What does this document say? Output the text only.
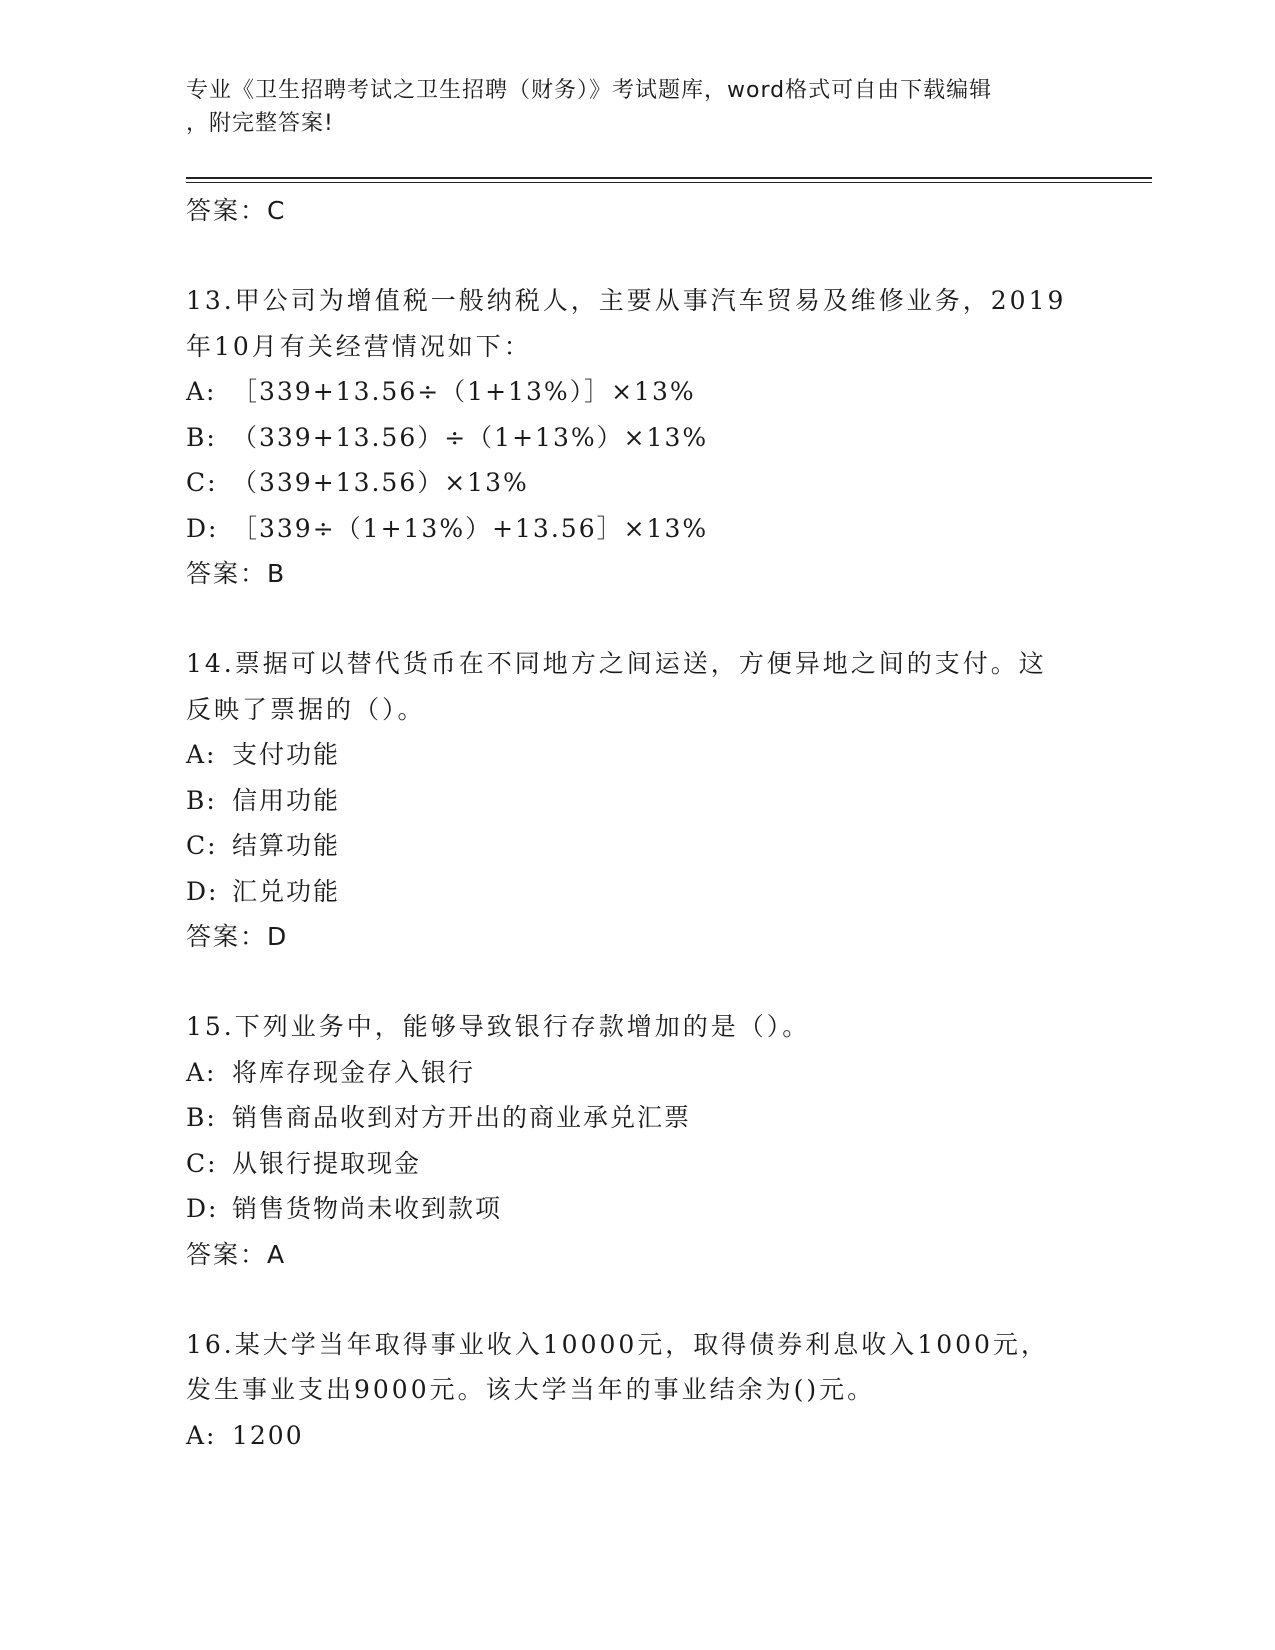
专业《卫生招聘考试之卫生招聘（财务）》考试题库，word格式可自由下载编辑
，附完整答案!
答案：C
13.甲公司为增值税一般纳税人，主要从事汽车贸易及维修业务，2019
年10月有关经营情况如下：
A: ［339+13.56÷（1+13%）］×13%
B: （339+13.56）÷（1+13%）×13%
C: （339+13.56）×13%
D: ［339÷（1+13%）+13.56］×13%
答案：B
14.票据可以替代货币在不同地方之间运送，方便异地之间的支付。这
反映了票据的（）。
A: 支付功能
B: 信用功能
C: 结算功能
D: 汇兑功能
答案：D
15.下列业务中，能够导致银行存款增加的是（）。
A: 将库存现金存入银行
B: 销售商品收到对方开出的商业承兑汇票
C: 从银行提取现金
D: 销售货物尚未收到款项
答案：A
16.某大学当年取得事业收入10000元，取得债券利息收入1000元，
发生事业支出9000元。该大学当年的事业结余为()元。
A: 1200
